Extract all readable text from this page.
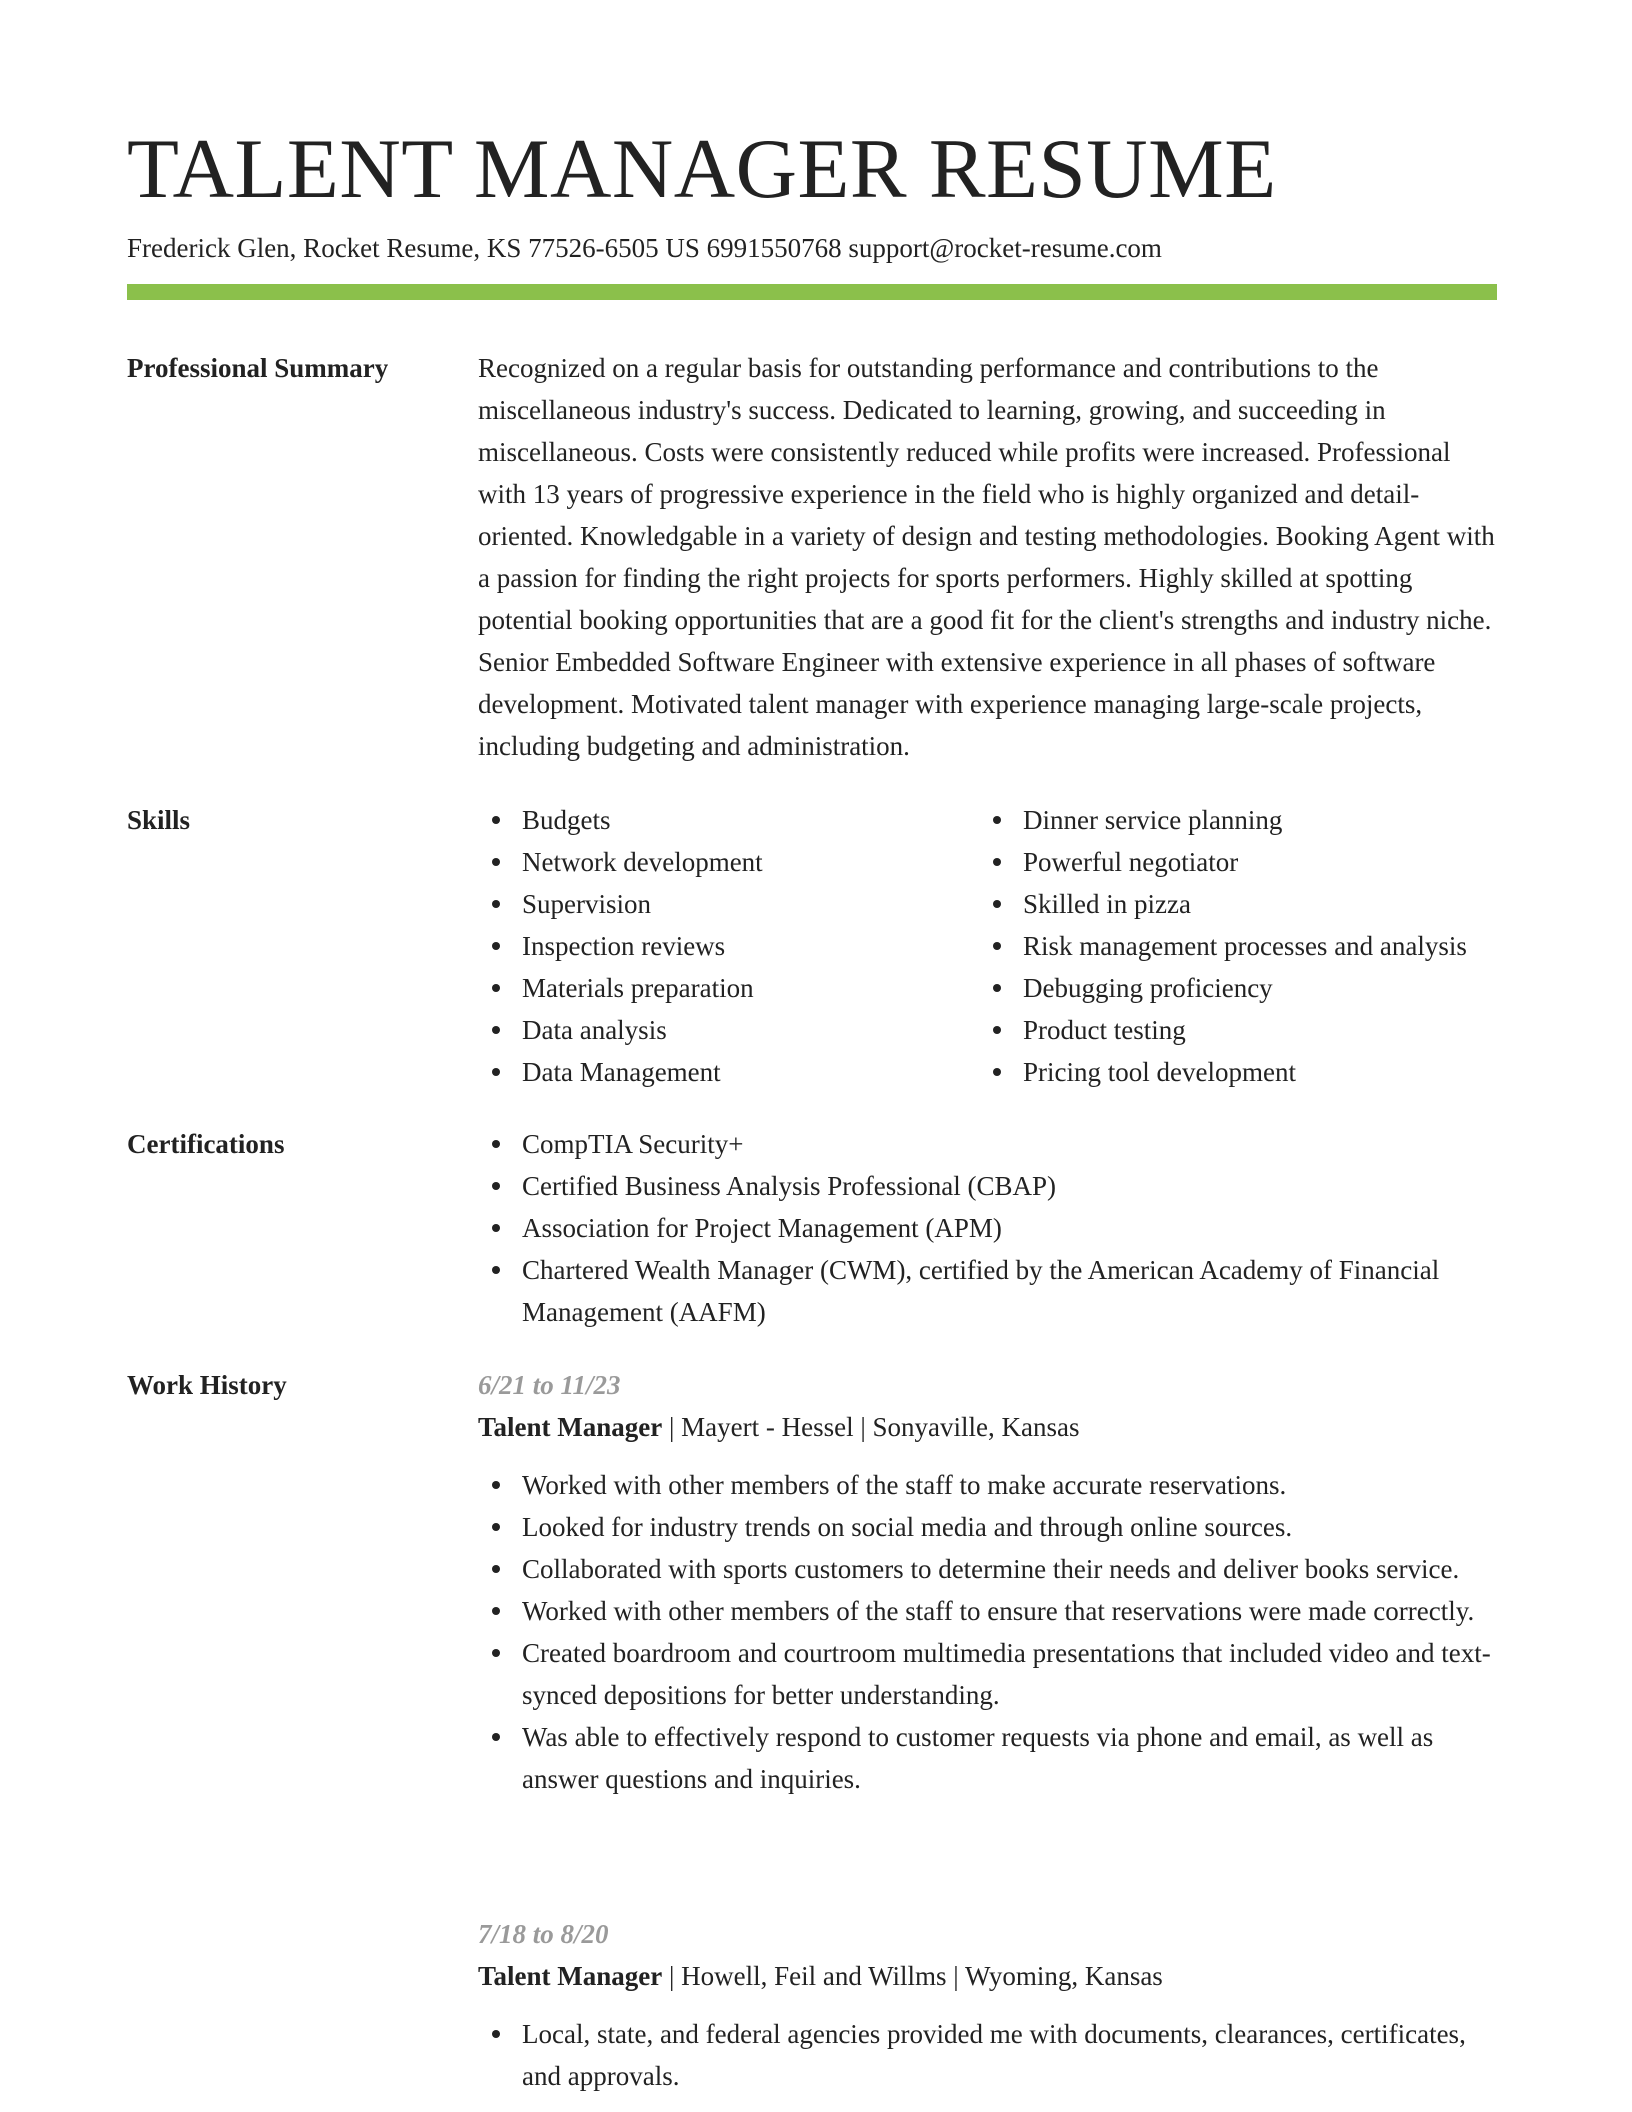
TALENT MANAGER RESUME
Frederick Glen, Rocket Resume, KS 77526-6505 US 6991550768 support@rocket-resume.com
Professional Summary	Recognized on a regular basis for outstanding performance and contributions to the miscellaneous industry's success. Dedicated to learning, growing, and succeeding in miscellaneous. Costs were consistently reduced while profits were increased. Professional with 13 years of progressive experience in the field who is highly organized and detail-oriented. Knowledgable in a variety of design and testing methodologies. Booking Agent with a passion for finding the right projects for sports performers. Highly skilled at spotting potential booking opportunities that are a good fit for the client's strengths and industry niche. Senior Embedded Software Engineer with extensive experience in all phases of software development. Motivated talent manager with experience managing large-scale projects, including budgeting and administration.

Skills	Budgets
Network development
Supervision
Inspection reviews
Materials preparation
Data analysis
Data Management
Dinner service planning
Powerful negotiator
Skilled in pizza
Risk management processes and analysis
Debugging proficiency
Product testing
Pricing tool development
Certifications	CompTIA Security+
Certified Business Analysis Professional (CBAP)
Association for Project Management (APM)
Chartered Wealth Manager (CWM), certified by the American Academy of Financial Management (AAFM)
Work History	6/21 to 11/23
Talent Manager | Mayert - Hessel | Sonyaville, Kansas
Worked with other members of the staff to make accurate reservations.
Looked for industry trends on social media and through online sources.
Collaborated with sports customers to determine their needs and deliver books service.
Worked with other members of the staff to ensure that reservations were made correctly.
Created boardroom and courtroom multimedia presentations that included video and text-synced depositions for better understanding.
Was able to effectively respond to customer requests via phone and email, as well as answer questions and inquiries.
7/18 to 8/20
Talent Manager | Howell, Feil and Willms | Wyoming, Kansas
Local, state, and federal agencies provided me with documents, clearances, certificates, and approvals.
